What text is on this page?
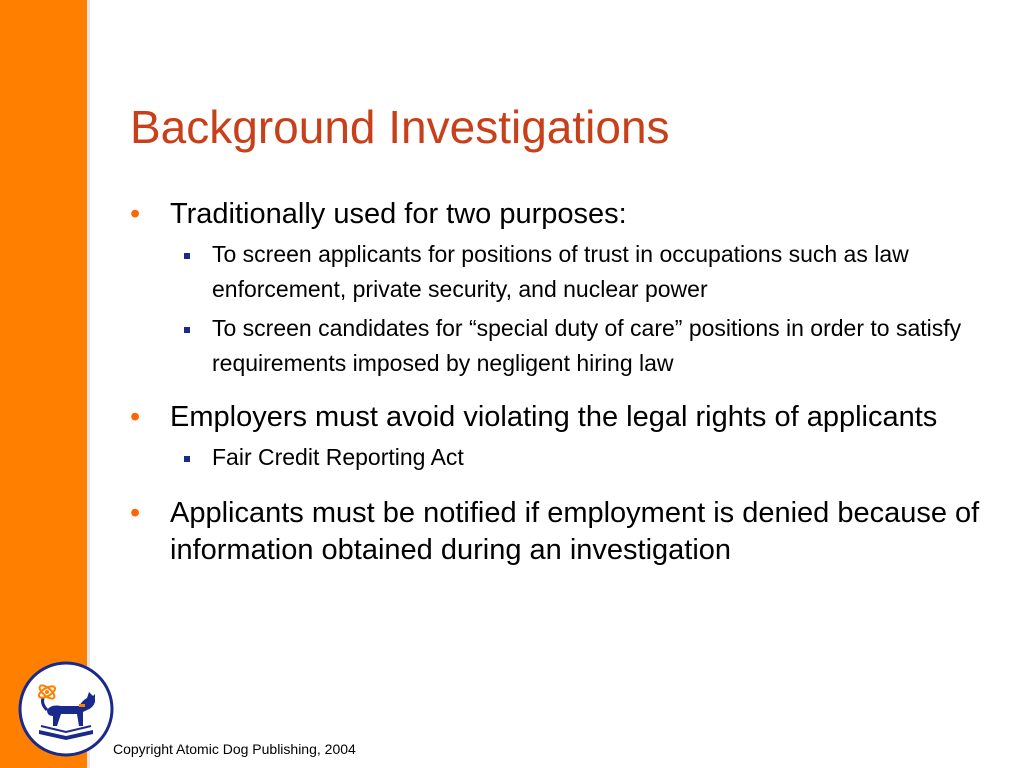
Background Investigations
• Traditionally used for two purposes:
To screen applicants for positions of trust in occupations such as law enforcement, private security, and nuclear power
To screen candidates for “special duty of care” positions in order to satisfy requirements imposed by negligent hiring law
• Employers must avoid violating the legal rights of applicants
Fair Credit Reporting Act
• Applicants must be notified if employment is denied because of information obtained during an investigation
Copyright Atomic Dog Publishing, 2004
